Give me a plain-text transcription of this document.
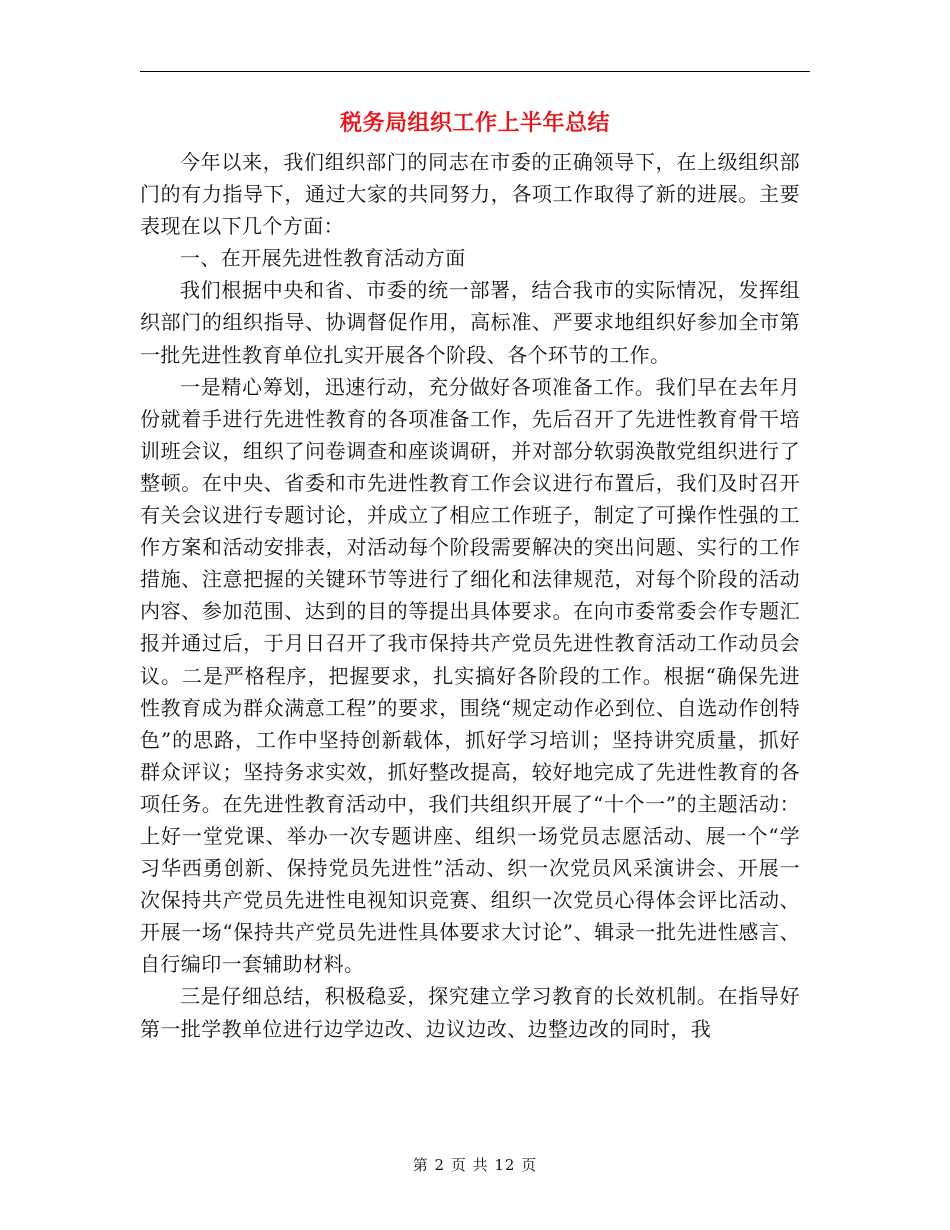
税务局组织工作上半年总结

今年以来，我们组织部门的同志在市委的正确领导下，在上级组织部门的有力指导下，通过大家的共同努力，各项工作取得了新的进展。主要表现在以下几个方面：

一、在开展先进性教育活动方面

我们根据中央和省、市委的统一部署，结合我市的实际情况，发挥组织部门的组织指导、协调督促作用，高标准、严要求地组织好参加全市第一批先进性教育单位扎实开展各个阶段、各个环节的工作。

一是精心筹划，迅速行动，充分做好各项准备工作。我们早在去年月份就着手进行先进性教育的各项准备工作，先后召开了先进性教育骨干培训班会议，组织了问卷调查和座谈调研，并对部分软弱涣散党组织进行了整顿。在中央、省委和市先进性教育工作会议进行布置后，我们及时召开有关会议进行专题讨论，并成立了相应工作班子，制定了可操作性强的工作方案和活动安排表，对活动每个阶段需要解决的突出问题、实行的工作措施、注意把握的关键环节等进行了细化和法律规范，对每个阶段的活动内容、参加范围、达到的目的等提出具体要求。在向市委常委会作专题汇报并通过后，于月日召开了我市保持共产党员先进性教育活动工作动员会议。二是严格程序，把握要求，扎实搞好各阶段的工作。根据“确保先进性教育成为群众满意工程”的要求，围绕“规定动作必到位、自选动作创特色”的思路，工作中坚持创新载体，抓好学习培训；坚持讲究质量，抓好群众评议；坚持务求实效，抓好整改提高，较好地完成了先进性教育的各项任务。在先进性教育活动中，我们共组织开展了“十个一”的主题活动：上好一堂党课、举办一次专题讲座、组织一场党员志愿活动、展一个“学习华西勇创新、保持党员先进性”活动、织一次党员风采演讲会、开展一次保持共产党员先进性电视知识竞赛、组织一次党员心得体会评比活动、开展一场“保持共产党员先进性具体要求大讨论”、辑录一批先进性感言、自行编印一套辅助材料。

三是仔细总结，积极稳妥，探究建立学习教育的长效机制。在指导好第一批学教单位进行边学边改、边议边改、边整边改的同时，我

第 2 页 共 12 页
